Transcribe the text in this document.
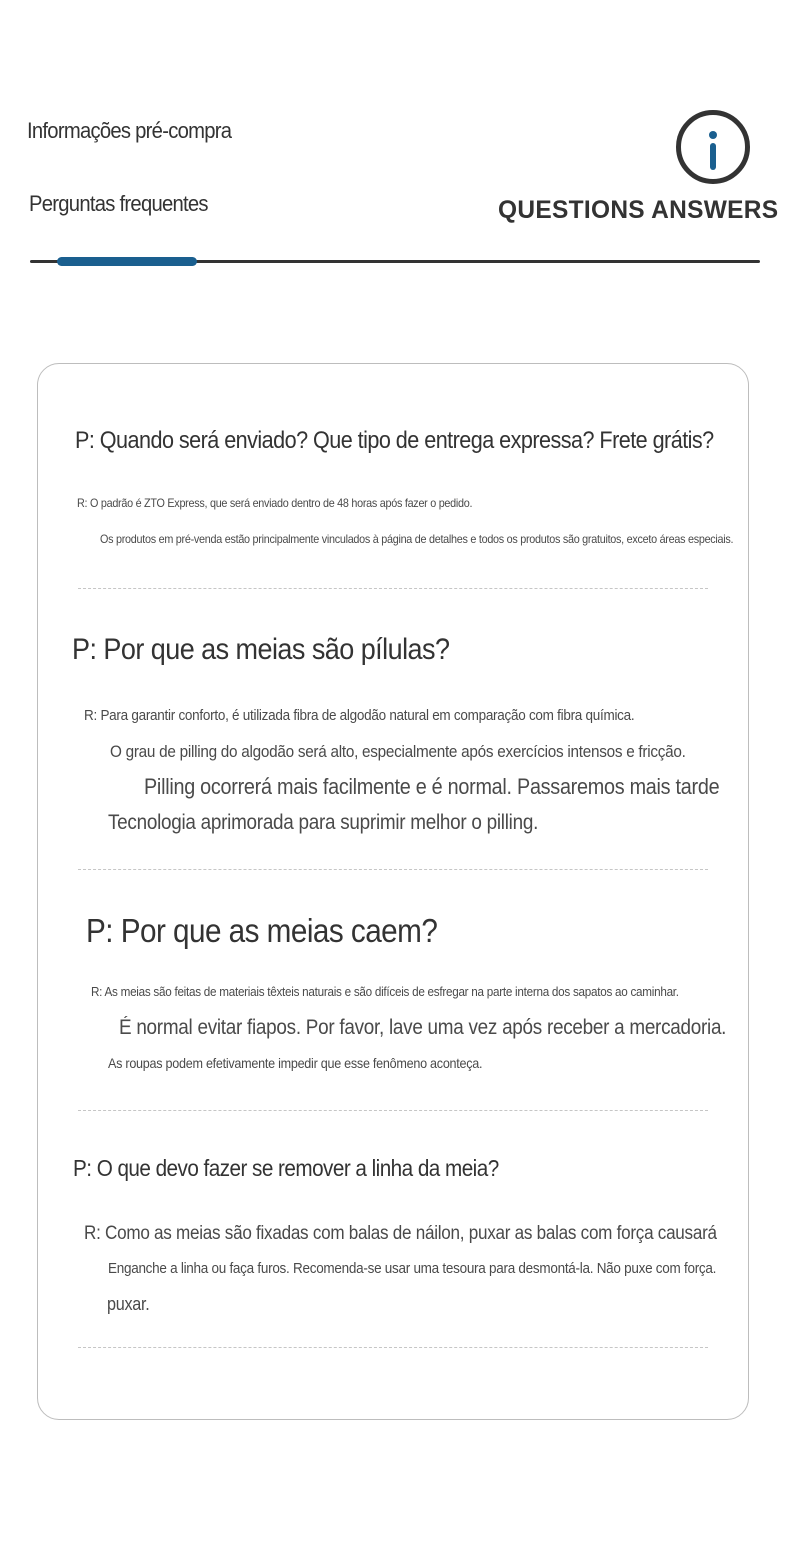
Informações pré-compra
Perguntas frequentes	QUESTIONS ANSWERS
P: Quando será enviado? Que tipo de entrega expressa? Frete grátis?
R: O padrão é ZTO Express, que será enviado dentro de 48 horas após fazer o pedido.
Os produtos em pré-venda estão principalmente vinculados à página de detalhes e todos os produtos são gratuitos, exceto áreas especiais.
P: Por que as meias são pílulas?
R: Para garantir conforto, é utilizada fibra de algodão natural em comparação com fibra química.
O grau de pilling do algodão será alto, especialmente após exercícios intensos e fricção.
Pilling ocorrerá mais facilmente e é normal. Passaremos mais tarde
Tecnologia aprimorada para suprimir melhor o pilling.
P: Por que as meias caem?
R: As meias são feitas de materiais têxteis naturais e são difíceis de esfregar na parte interna dos sapatos ao caminhar.
É normal evitar fiapos. Por favor, lave uma vez após receber a mercadoria.
As roupas podem efetivamente impedir que esse fenômeno aconteça.
P: O que devo fazer se remover a linha da meia?
R: Como as meias são fixadas com balas de náilon, puxar as balas com força causará
Enganche a linha ou faça furos. Recomenda-se usar uma tesoura para desmontá-la. Não puxe com força.
puxar.
